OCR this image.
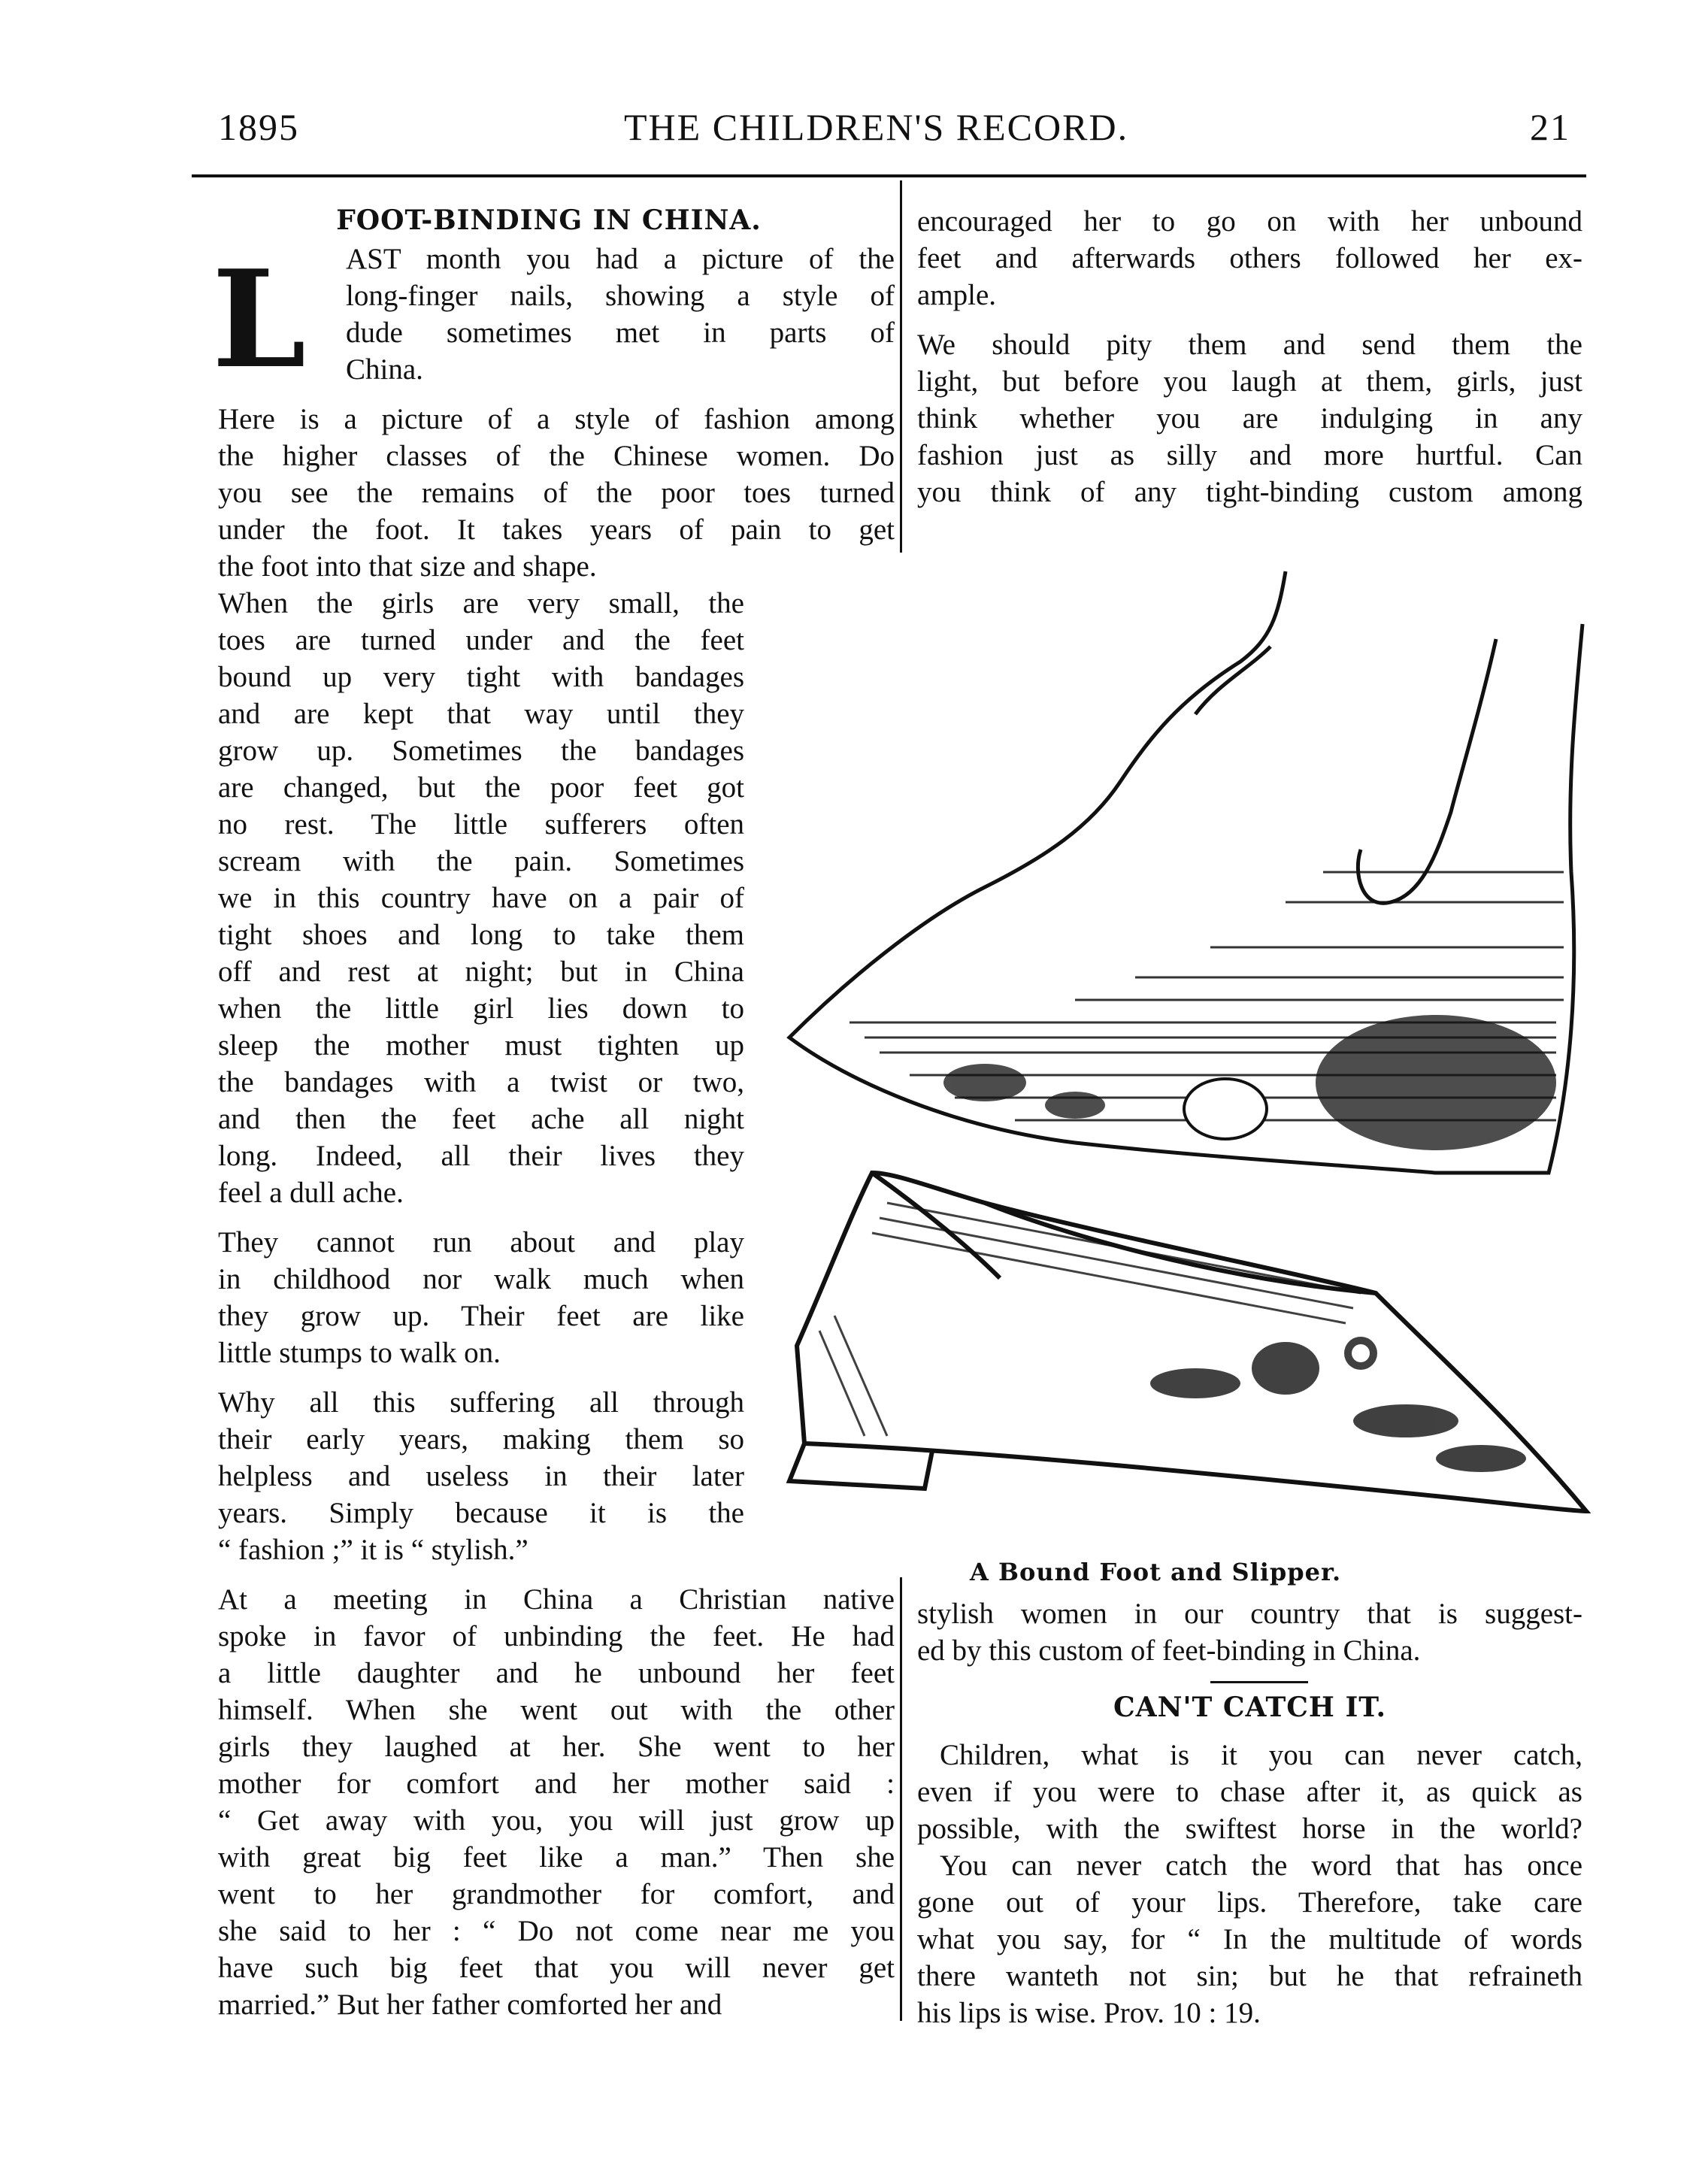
1895	THE CHILDREN'S RECORD.	21
FOOT-BINDING IN CHINA.
L	AST month you had a picture of the
long-finger nails, showing a style of
dude sometimes met in parts of
China.
Here is a picture of a style of fashion among
the higher classes of the Chinese women. Do
you see the remains of the poor toes turned
under the foot. It takes years of pain to get
the foot into that size and shape.
When the girls are very small, the
toes are turned under and the feet
bound up very tight with bandages
and are kept that way until they
grow up. Sometimes the bandages
are changed, but the poor feet got
no rest. The little sufferers often
scream with the pain. Sometimes
we in this country have on a pair of
tight shoes and long to take them
off and rest at night; but in China
when the little girl lies down to
sleep the mother must tighten up
the bandages with a twist or two,
and then the feet ache all night
long. Indeed, all their lives they
feel a dull ache.
They cannot run about and play
in childhood nor walk much when
they grow up. Their feet are like
little stumps to walk on.
Why all this suffering all through
their early years, making them so
helpless and useless in their later
years. Simply because it is the
“ fashion ;” it is “ stylish.”
At a meeting in China a Christian native
spoke in favor of unbinding the feet. He had
a little daughter and he unbound her feet
himself. When she went out with the other
girls they laughed at her. She went to her
mother for comfort and her mother said :
“ Get away with you, you will just grow up
with great big feet like a man.” Then she
went to her grandmother for comfort, and
she said to her : “ Do not come near me you
have such big feet that you will never get
married.” But her father comforted her and
encouraged her to go on with her unbound
feet and afterwards others followed her ex-
ample.
We should pity them and send them the
light, but before you laugh at them, girls, just
think whether you are indulging in any
fashion just as silly and more hurtful. Can
you think of any tight-binding custom among
A Bound Foot and Slipper.
stylish women in our country that is suggest-
ed by this custom of feet-binding in China.
CAN'T CATCH IT.
Children, what is it you can never catch,
even if you were to chase after it, as quick as
possible, with the swiftest horse in the world?
You can never catch the word that has once
gone out of your lips. Therefore, take care
what you say, for “ In the multitude of words
there wanteth not sin; but he that refraineth
his lips is wise. Prov. 10 : 19.
